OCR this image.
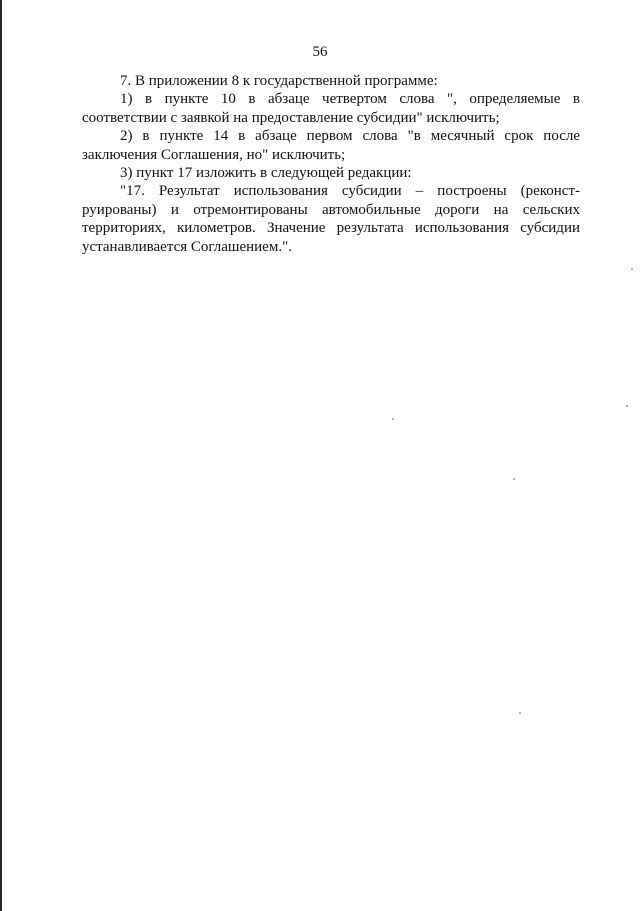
56

7. В приложении 8 к государственной программе:

1) в пункте 10 в абзаце четвертом слова ", определяемые в соответствии с заявкой на предоставление субсидии" исключить;

2) в пункте 14 в абзаце первом слова "в месячный срок после заключения Соглашения, но" исключить;

3) пункт 17 изложить в следующей редакции:

"17. Результат использования субсидии – построены (реконст-руированы) и отремонтированы автомобильные дороги на сельских территориях, километров. Значение результата использования субсидии устанавливается Соглашением.".
